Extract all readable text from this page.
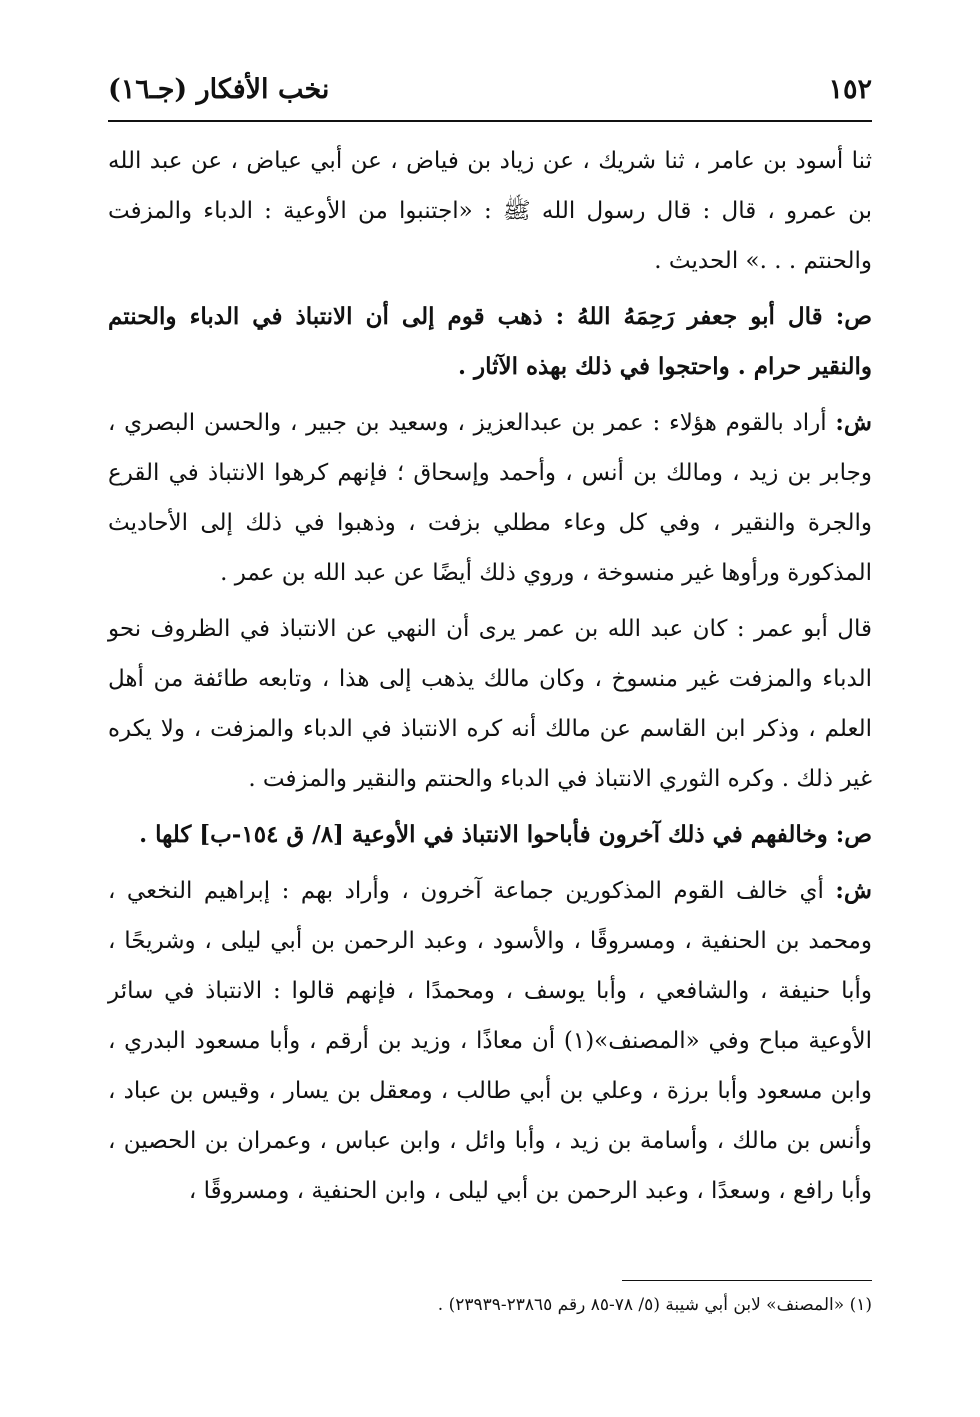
١٥٢
نخب الأفكار (جـ١٦)

ثنا أسود بن عامر ، ثنا شريك ، عن زياد بن فياض ، عن أبي عياض ، عن عبد الله بن عمرو ، قال : قال رسول الله ﷺ : «اجتنبوا من الأوعية : الدباء والمزفت والحنتم . . .» الحديث .

ص: قال أبو جعفر رَحِمَهُ اللهُ : ذهب قوم إلى أن الانتباذ في الدباء والحنتم والنقير حرام . واحتجوا في ذلك بهذه الآثار .

ش: أراد بالقوم هؤلاء : عمر بن عبدالعزيز ، وسعيد بن جبير ، والحسن البصري ، وجابر بن زيد ، ومالك بن أنس ، وأحمد وإسحاق ؛ فإنهم كرهوا الانتباذ في القرع والجرة والنقير ، وفي كل وعاء مطلي بزفت ، وذهبوا في ذلك إلى الأحاديث المذكورة ورأوها غير منسوخة ، وروي ذلك أيضًا عن عبد الله بن عمر .

قال أبو عمر : كان عبد الله بن عمر يرى أن النهي عن الانتباذ في الظروف نحو الدباء والمزفت غير منسوخ ، وكان مالك يذهب إلى هذا ، وتابعه طائفة من أهل العلم ، وذكر ابن القاسم عن مالك أنه كره الانتباذ في الدباء والمزفت ، ولا يكره غير ذلك . وكره الثوري الانتباذ في الدباء والحنتم والنقير والمزفت .

ص: وخالفهم في ذلك آخرون فأباحوا الانتباذ في الأوعية [٨/ ق ١٥٤-ب] كلها .

ش: أي خالف القوم المذكورين جماعة آخرون ، وأراد بهم : إبراهيم النخعي ، ومحمد بن الحنفية ، ومسروقًا ، والأسود ، وعبد الرحمن بن أبي ليلى ، وشريحًا ، وأبا حنيفة ، والشافعي ، وأبا يوسف ، ومحمدًا ، فإنهم قالوا : الانتباذ في سائر الأوعية مباح وفي «المصنف»(١) أن معاذًا ، وزيد بن أرقم ، وأبا مسعود البدري ، وابن مسعود وأبا برزة ، وعلي بن أبي طالب ، ومعقل بن يسار ، وقيس بن عباد ، وأنس بن مالك ، وأسامة بن زيد ، وأبا وائل ، وابن عباس ، وعمران بن الحصين ، وأبا رافع ، وسعدًا ، وعبد الرحمن بن أبي ليلى ، وابن الحنفية ، ومسروقًا ،

(١) «المصنف» لابن أبي شيبة (٥/ ٧٨-٨٥ رقم ٢٣٨٦٥-٢٣٩٣٩) .
